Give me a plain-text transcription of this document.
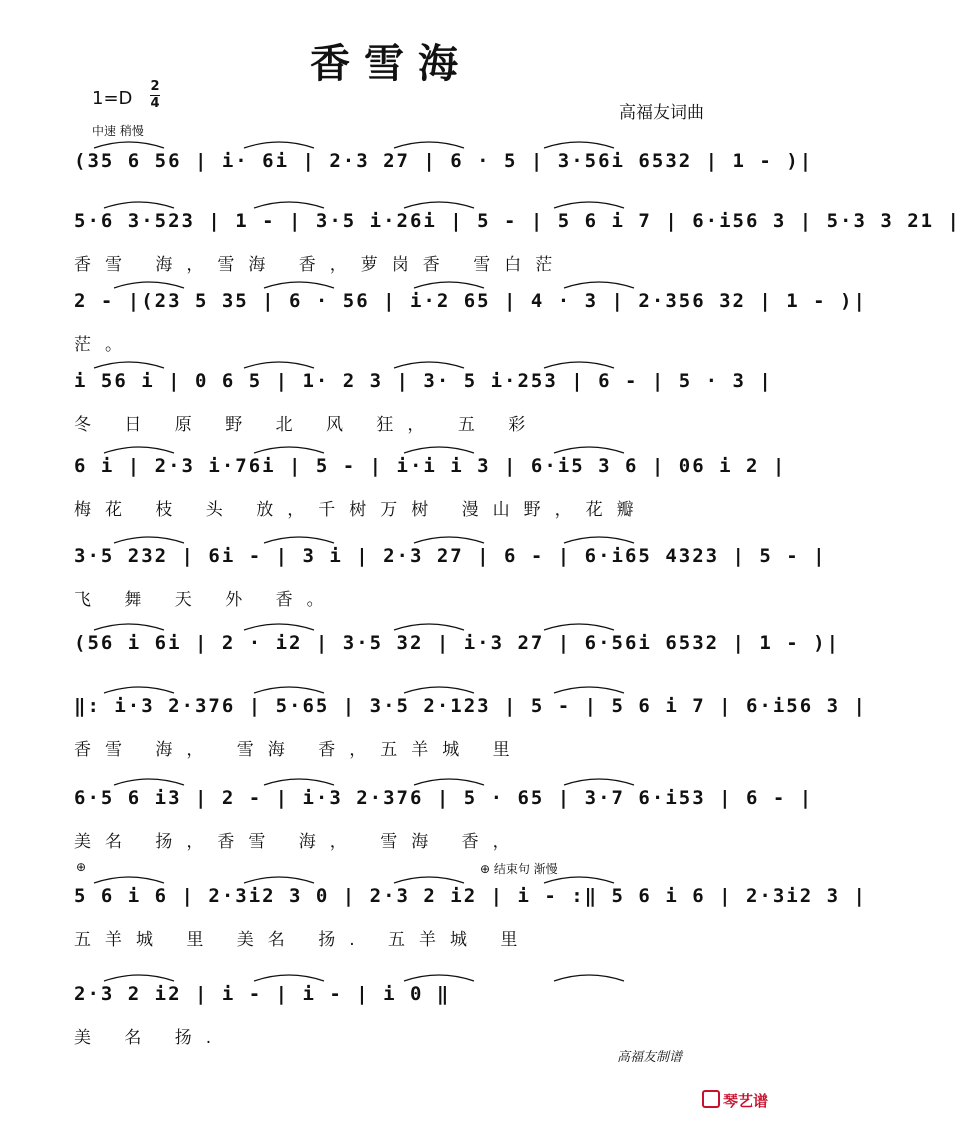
香雪海
1=D
2
4	高福友词曲
中速 稍慢
(35 6 56 | i· 6i | 2·3 27 | 6 · 5 | 3·56i 6532 | 1 - )|
5·6 3·523 | 1 - | 3·5 i·26i | 5 - | 5 6 i 7 | 6·i56 3 | 5·3 3 21 |
香雪 海，雪海 香，萝岗香 雪白茫
2 - |(23 5 35 | 6 · 56 | i·2 65 | 4 · 3 | 2·356 32 | 1 - )|
茫。
i 56 i | 0 6 5 | 1· 2 3 | 3· 5 i·253 | 6 - | 5 · 3 |
冬 日 原 野 北 风 狂， 五 彩
6 i | 2·3 i·76i | 5 - | i·i i 3 | 6·i5 3 6 | 06 i 2 |
梅花 枝 头 放，千树万树 漫山野，花瓣
3·5 232 | 6i - | 3 i | 2·3 27 | 6 - | 6·i65 4323 | 5 - |
飞 舞 天 外 香。
(56 i 6i | 2 · i2 | 3·5 32 | i·3 27 | 6·56i 6532 | 1 - )|
‖: i·3 2·376 | 5·65 | 3·5 2·123 | 5 - | 5 6 i 7 | 6·i56 3 |
香雪 海， 雪海 香，五羊城 里
6·5 6 i3 | 2 - | i·3 2·376 | 5 · 65 | 3·7 6·i53 | 6 - |
美名 扬，香雪 海， 雪海 香，
5 6 i 6 | 2·3i2 3 0 | 2·3 2 i2 | i - :‖ 5 6 i 6 | 2·3i2 3 |
五羊城 里 美名 扬. 五羊城 里
2·3 2 i2 | i - | i - | i 0 ‖
美 名 扬.
⊕	⊕ 结束句 渐慢
高福友制谱
琴艺谱
